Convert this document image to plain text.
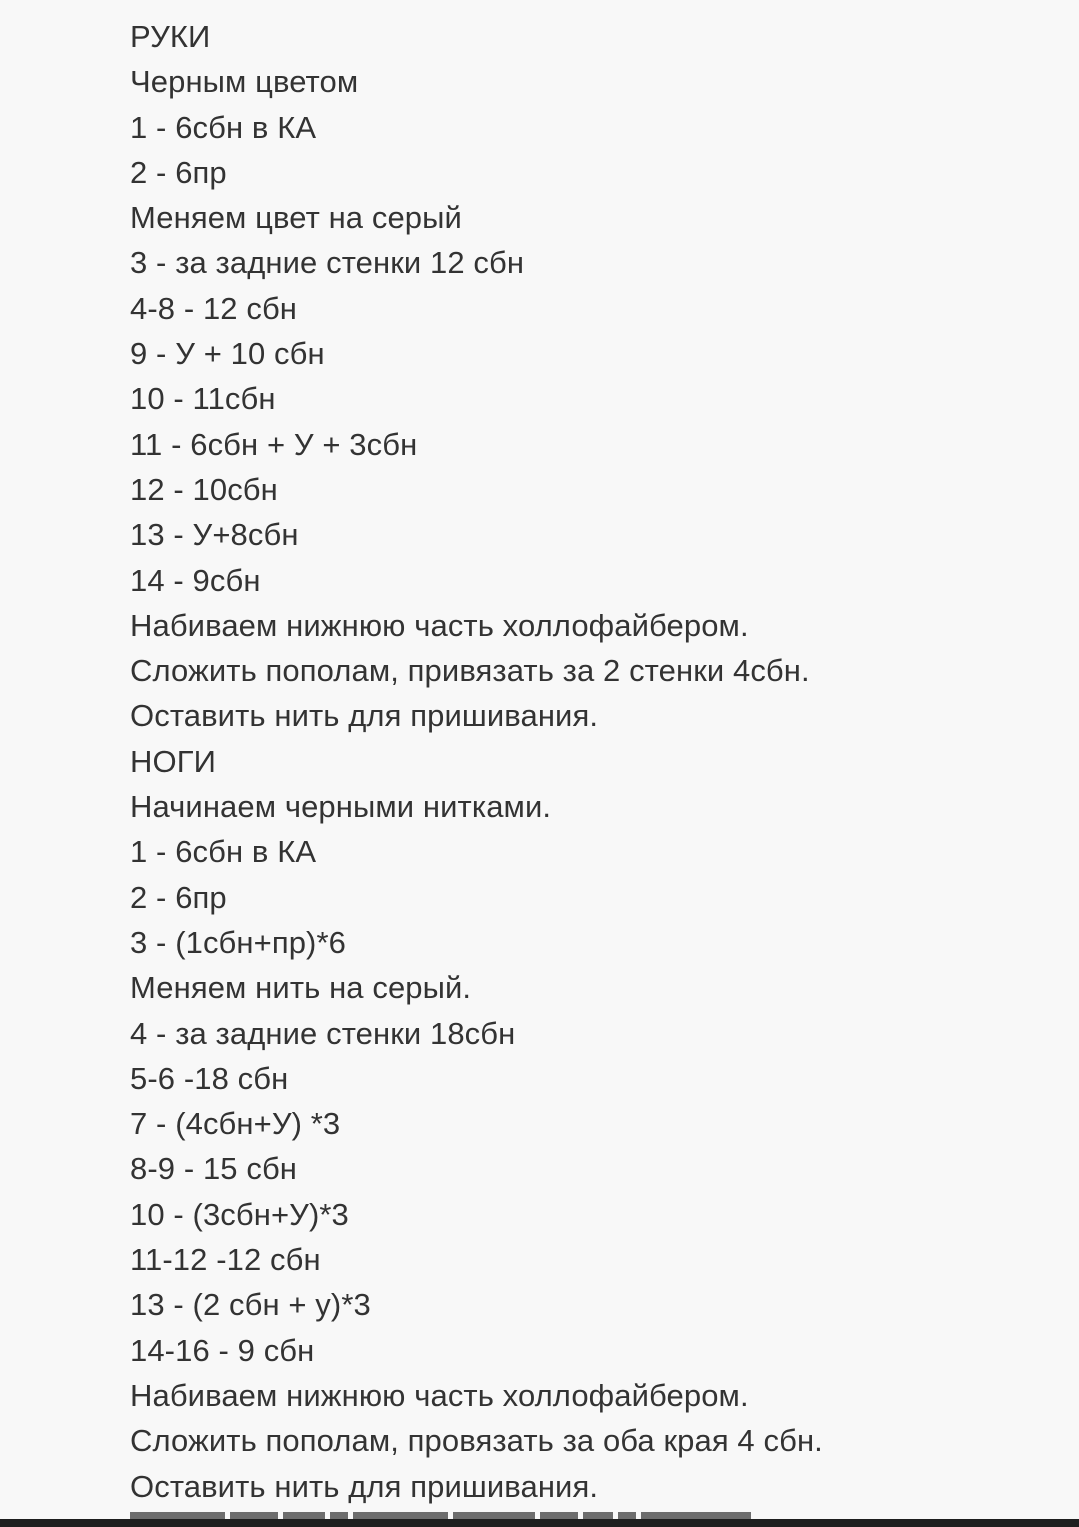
РУКИ
Черным цветом
1 - 6сбн в КА
2 - 6пр
Меняем цвет на серый
3 - за задние стенки 12 сбн
4-8 - 12 сбн
9 - У + 10 сбн
10 - 11сбн
11 - 6сбн + У + 3сбн
12 - 10сбн
13 - У+8сбн
14 - 9сбн
Набиваем нижнюю часть холлофайбером.
Сложить пополам, привязать за 2 стенки 4сбн.
Оставить нить для пришивания.
НОГИ
Начинаем черными нитками.
1 - 6сбн в КА
2 - 6пр
3 - (1сбн+пр)*6
Меняем нить на серый.
4 - за задние стенки 18сбн
5-6 -18 сбн
7 - (4сбн+У) *3
8-9 - 15 сбн
10 - (3сбн+У)*3
11-12 -12 сбн
13 - (2 сбн + у)*3
14-16 - 9 сбн
Набиваем нижнюю часть холлофайбером.
Сложить пополам, провязать за оба края 4 сбн.
Оставить нить для пришивания.
